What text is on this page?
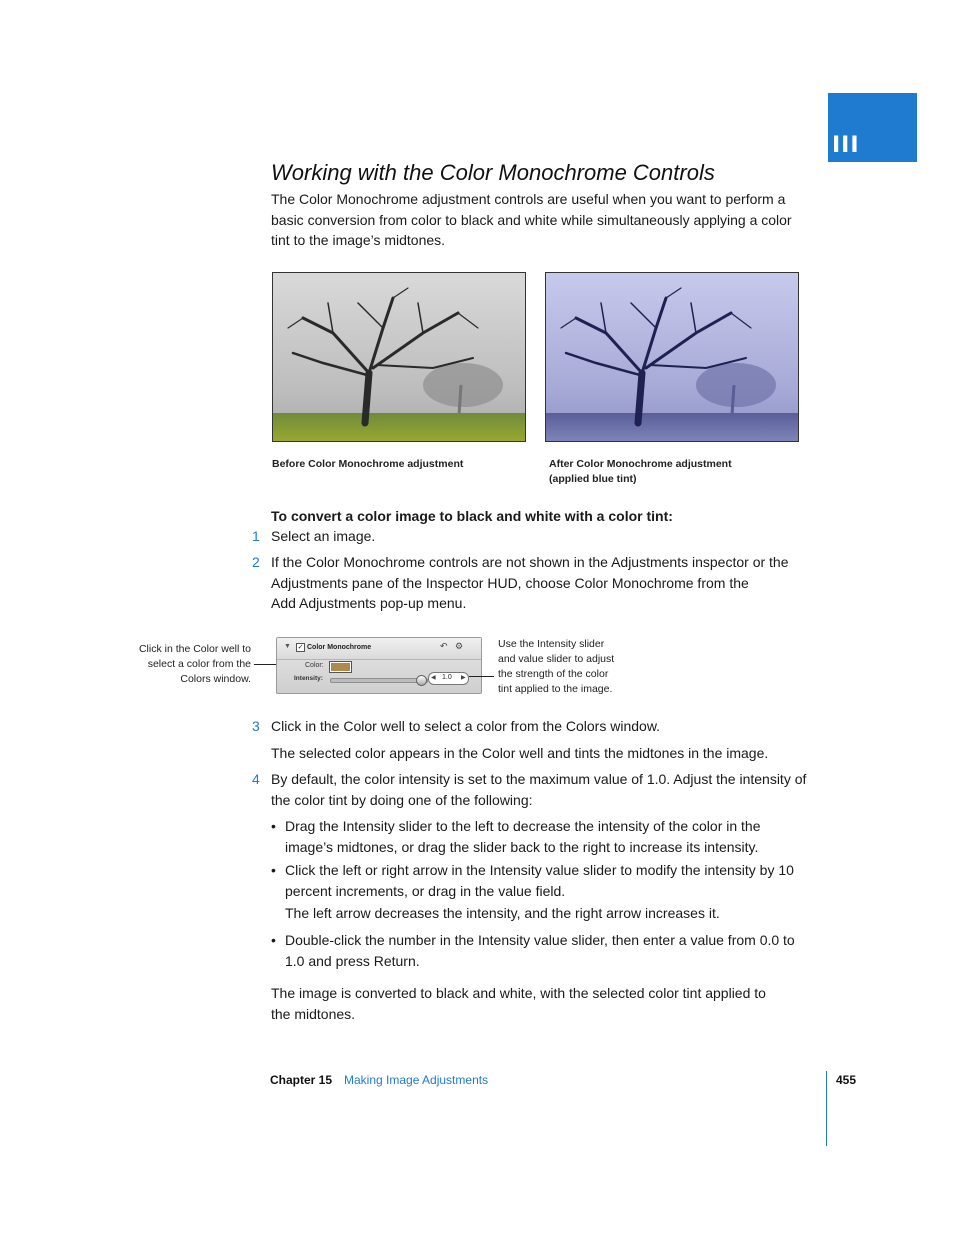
III
Working with the Color Monochrome Controls
The Color Monochrome adjustment controls are useful when you want to perform a
basic conversion from color to black and white while simultaneously applying a color
tint to the image’s midtones.
Before Color Monochrome adjustment	After Color Monochrome adjustment
(applied blue tint)
To convert a color image to black and white with a color tint:
1 Select an image.
2 If the Color Monochrome controls are not shown in the Adjustments inspector or the
Adjustments pane of the Inspector HUD, choose Color Monochrome from the
Add Adjustments pop-up menu.
Click in the Color well to
select a color from the
Colors window.
▼ ✓ Color Monochrome	↶ ⚙
Color:
Intensity:	◀ 1.0 ▶
Use the Intensity slider
and value slider to adjust
the strength of the color
tint applied to the image.
3 Click in the Color well to select a color from the Colors window.
The selected color appears in the Color well and tints the midtones in the image.
4 By default, the color intensity is set to the maximum value of 1.0. Adjust the intensity of
the color tint by doing one of the following:
• Drag the Intensity slider to the left to decrease the intensity of the color in the
image’s midtones, or drag the slider back to the right to increase its intensity.
• Click the left or right arrow in the Intensity value slider to modify the intensity by 10
percent increments, or drag in the value field.
The left arrow decreases the intensity, and the right arrow increases it.
• Double-click the number in the Intensity value slider, then enter a value from 0.0 to
1.0 and press Return.
The image is converted to black and white, with the selected color tint applied to
the midtones.
Chapter 15 Making Image Adjustments	455
